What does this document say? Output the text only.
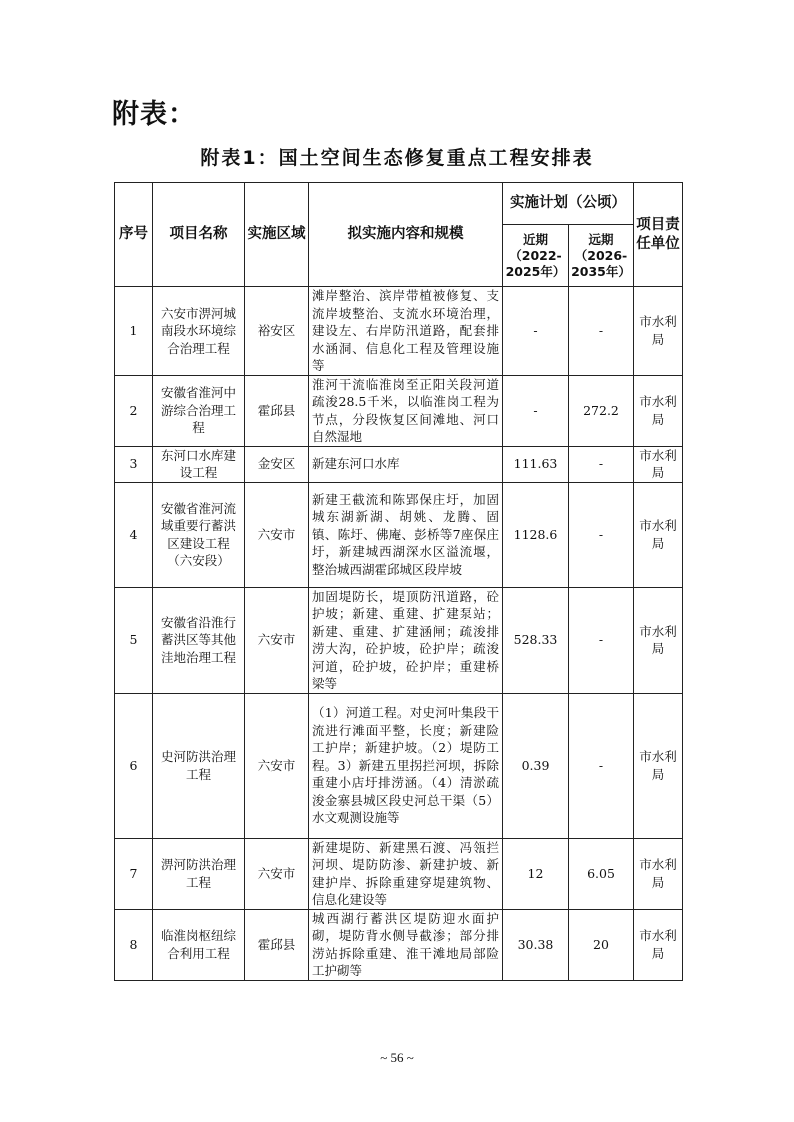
附表：
附表1：国土空间生态修复重点工程安排表
序号	项目名称	实施区域	拟实施内容和规模	实施计划（公顷）		项目责任单位
				近期（2022-2025年）	远期（2026-2035年）	
1	六安市淠河城南段水环境综合治理工程	裕安区	滩岸整治、滨岸带植被修复、支流岸坡整治、支流水环境治理，建设左、右岸防汛道路，配套排水涵洞、信息化工程及管理设施等	-	-	市水利局
2	安徽省淮河中游综合治理工程	霍邱县	淮河干流临淮岗至正阳关段河道疏浚28.5千米，以临淮岗工程为节点，分段恢复区间滩地、河口自然湿地	-	272.2	市水利局
3	东河口水库建设工程	金安区	新建东河口水库	111.63	-	市水利局
4	安徽省淮河流域重要行蓄洪区建设工程（六安段）	六安市	新建王截流和陈郢保庄圩，加固城东湖新湖、胡姚、龙腾、固镇、陈圩、佛庵、彭桥等7座保庄圩，新建城西湖深水区溢流堰，整治城西湖霍邱城区段岸坡	1128.6	-	市水利局
5	安徽省沿淮行蓄洪区等其他洼地治理工程	六安市	加固堤防长，堤顶防汛道路，砼护坡；新建、重建、扩建泵站；新建、重建、扩建涵闸；疏浚排涝大沟，砼护坡，砼护岸；疏浚河道，砼护坡，砼护岸；重建桥梁等	528.33	-	市水利局
6	史河防洪治理工程	六安市	（1）河道工程。对史河叶集段干流进行滩面平整，长度；新建险工护岸；新建护坡。（2）堤防工程。3）新建五里拐拦河坝，拆除重建小店圩排涝涵。（4）清淤疏浚金寨县城区段史河总干渠（5）水文观测设施等	0.39	-	市水利局
7	淠河防洪治理工程	六安市	新建堤防、新建黑石渡、冯瓴拦河坝、堤防防渗、新建护坡、新建护岸、拆除重建穿堤建筑物、信息化建设等	12	6.05	市水利局
8	临淮岗枢纽综合利用工程	霍邱县	城西湖行蓄洪区堤防迎水面护砌，堤防背水侧导截渗；部分排涝站拆除重建、淮干滩地局部险工护砌等	30.38	20	市水利局
~ 56 ~
